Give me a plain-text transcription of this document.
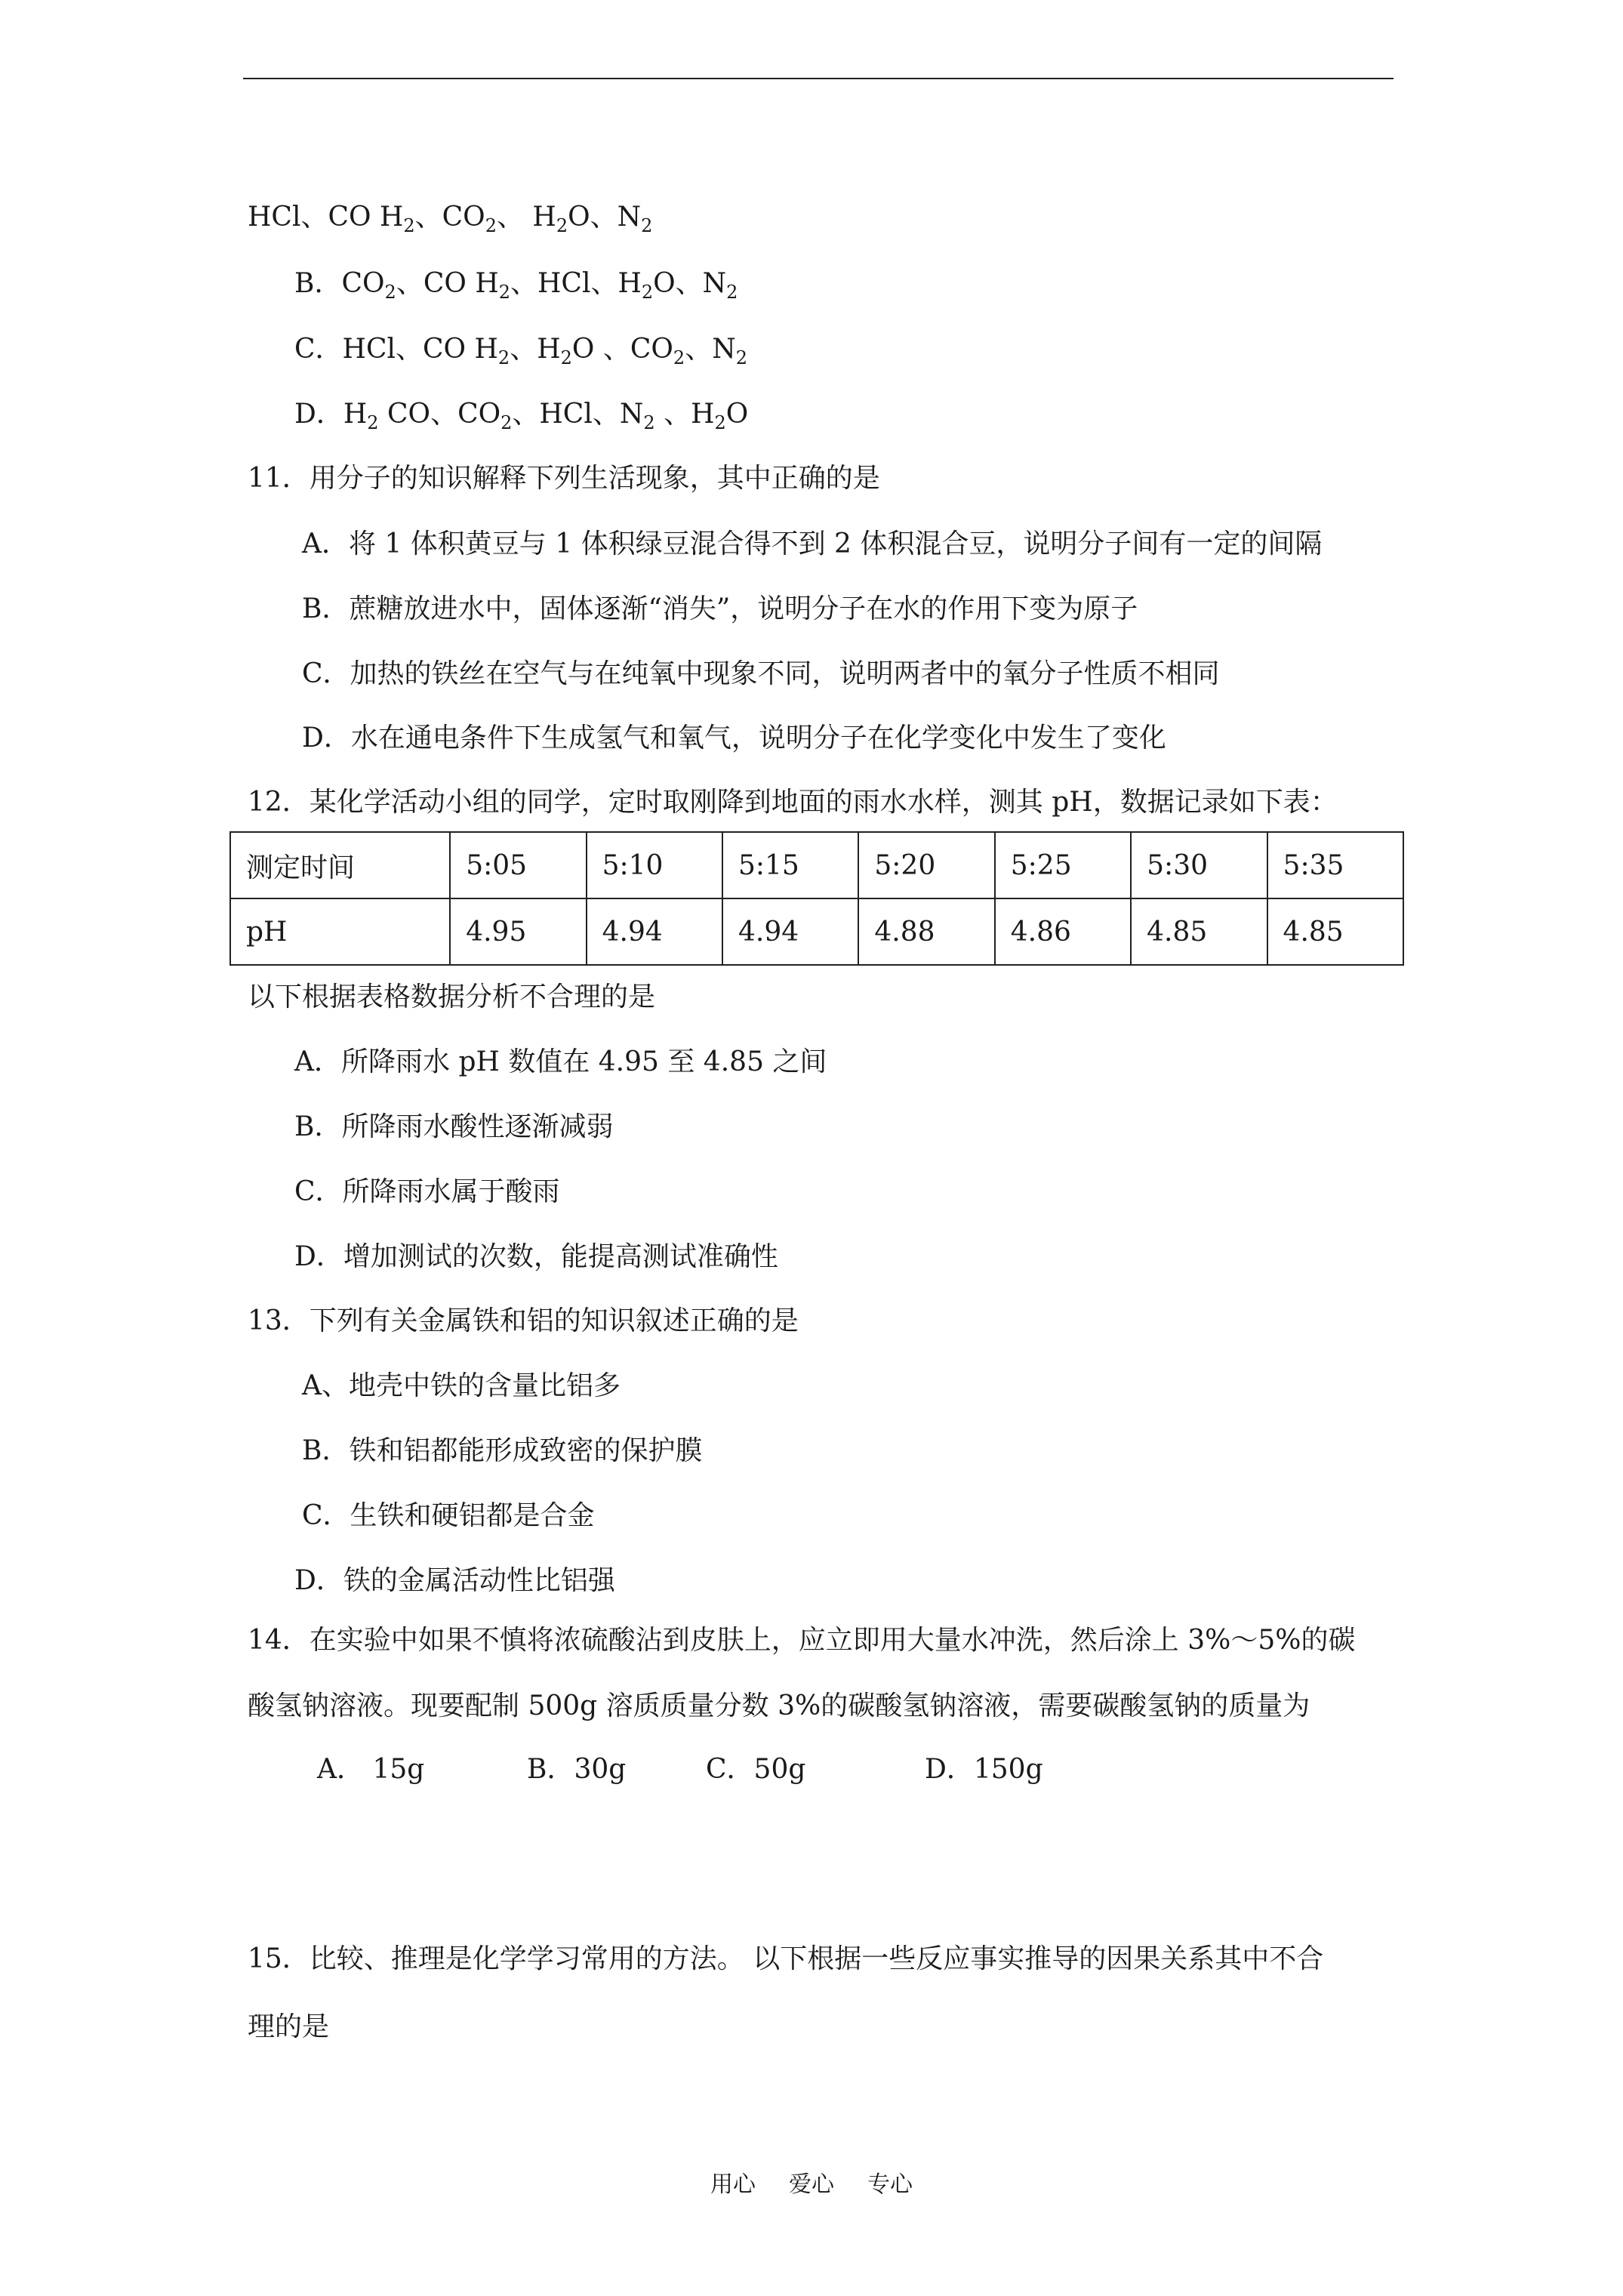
HCl、CO $H_2$、$CO_2$、 $H_2O$、$N_2$
B．$CO_2$、CO $H_2$、HCl、$H_2O$、$N_2$
C．HCl、CO $H_2$、$H_2O$ 、$CO_2$、$N_2$
D．$H_2$ CO、$CO_2$、HCl、$N_2$ 、$H_2O$
11．用分子的知识解释下列生活现象，其中正确的是
A．将 1 体积黄豆与 1 体积绿豆混合得不到 2 体积混合豆，说明分子间有一定的间隔
B．蔗糖放进水中，固体逐渐“消失”，说明分子在水的作用下变为原子
C．加热的铁丝在空气与在纯氧中现象不同，说明两者中的氧分子性质不相同
D．水在通电条件下生成氢气和氧气，说明分子在化学变化中发生了变化
12．某化学活动小组的同学，定时取刚降到地面的雨水水样，测其 pH，数据记录如下表：
测定时间	5:05	5:10	5:15	5:20	5:25	5:30	5:35
pH	4.95	4.94	4.94	4.88	4.86	4.85	4.85
以下根据表格数据分析不合理的是
A．所降雨水 pH 数值在 4.95 至 4.85 之间
B．所降雨水酸性逐渐减弱
C．所降雨水属于酸雨
D．增加测试的次数，能提高测试准确性
13．下列有关金属铁和铝的知识叙述正确的是
A、地壳中铁的含量比铝多
B．铁和铝都能形成致密的保护膜
C．生铁和硬铝都是合金
D．铁的金属活动性比铝强
14．在实验中如果不慎将浓硫酸沾到皮肤上，应立即用大量水冲洗，然后涂上 3%～5%的碳
酸氢钠溶液。现要配制 500g 溶质质量分数 3%的碳酸氢钠溶液，需要碳酸氢钠的质量为
A． 15g	B．30g	C．50g	D．150g
15．比较、推理是化学学习常用的方法。 以下根据一些反应事实推导的因果关系其中不合
理的是
用心 爱心 专心
